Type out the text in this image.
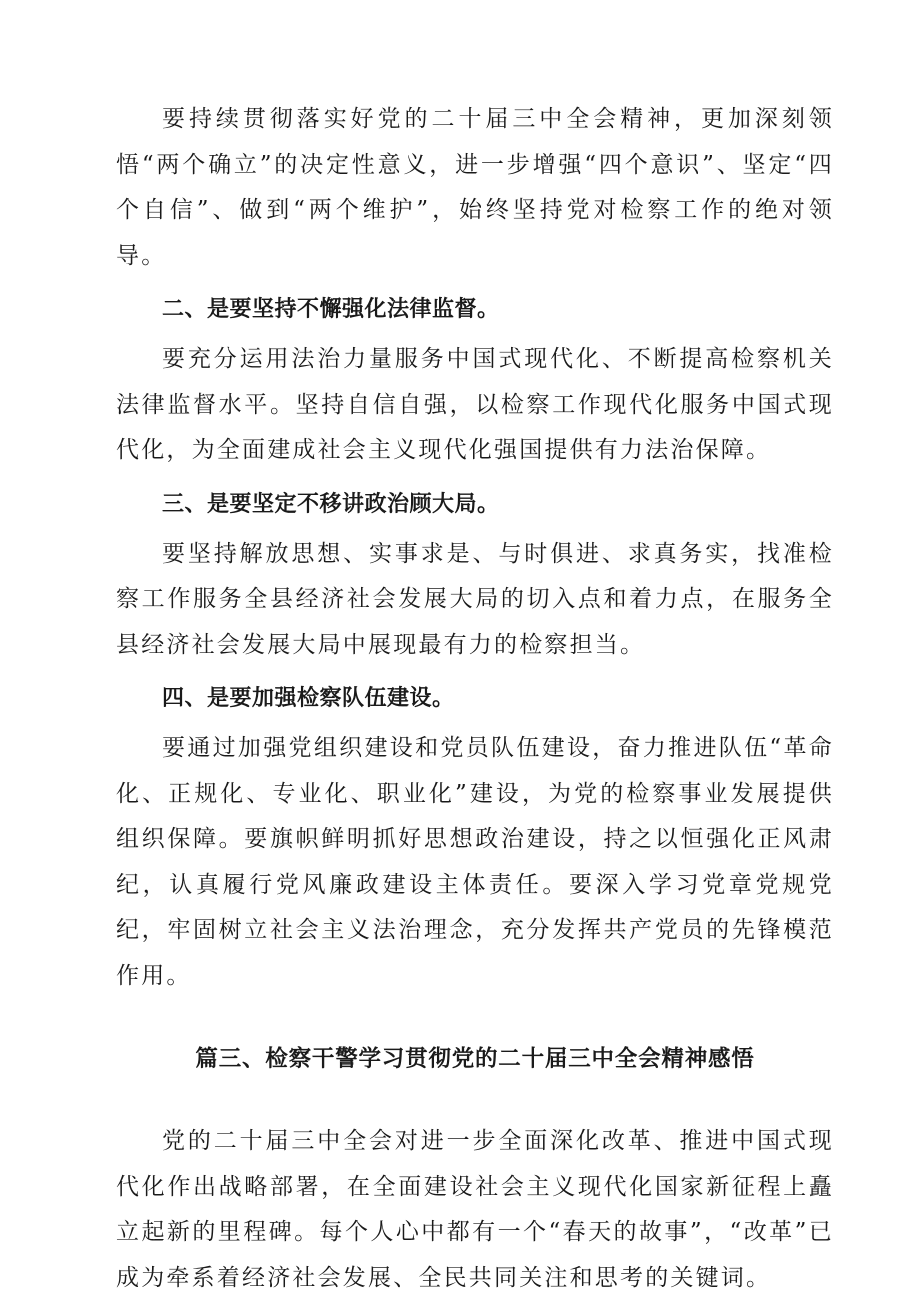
要持续贯彻落实好党的二十届三中全会精神，更加深刻领悟“两个确立”的决定性意义，进一步增强“四个意识”、坚定“四个自信”、做到“两个维护”，始终坚持党对检察工作的绝对领导。

二、是要坚持不懈强化法律监督。

要充分运用法治力量服务中国式现代化、不断提高检察机关法律监督水平。坚持自信自强，以检察工作现代化服务中国式现代化，为全面建成社会主义现代化强国提供有力法治保障。

三、是要坚定不移讲政治顾大局。

要坚持解放思想、实事求是、与时俱进、求真务实，找准检察工作服务全县经济社会发展大局的切入点和着力点，在服务全县经济社会发展大局中展现最有力的检察担当。

四、是要加强检察队伍建设。

要通过加强党组织建设和党员队伍建设，奋力推进队伍“革命化、正规化、专业化、职业化”建设，为党的检察事业发展提供组织保障。要旗帜鲜明抓好思想政治建设，持之以恒强化正风肃纪，认真履行党风廉政建设主体责任。要深入学习党章党规党纪，牢固树立社会主义法治理念，充分发挥共产党员的先锋模范作用。

篇三、检察干警学习贯彻党的二十届三中全会精神感悟

党的二十届三中全会对进一步全面深化改革、推进中国式现代化作出战略部署，在全面建设社会主义现代化国家新征程上矗立起新的里程碑。每个人心中都有一个“春天的故事”，“改革”已成为牵系着经济社会发展、全民共同关注和思考的关键词。
